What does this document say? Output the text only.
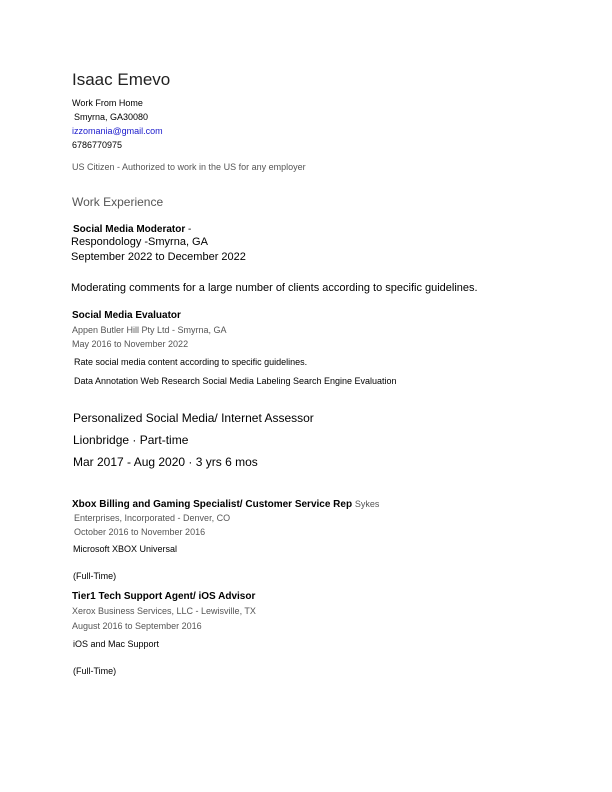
Isaac Emevo
Work From Home
Smyrna, GA30080
izzomania@gmail.com
6786770975
US Citizen - Authorized to work in the US for any employer
Work Experience
Social Media Moderator -
Respondology -Smyrna, GA
September 2022 to December 2022
Moderating comments for a large number of clients according to specific guidelines.
Social Media Evaluator
Appen Butler Hill Pty Ltd - Smyrna, GA
May 2016 to November 2022
Rate social media content according to specific guidelines.
Data Annotation Web Research Social Media Labeling Search Engine Evaluation
Personalized Social Media/ Internet Assessor
Lionbridge · Part-time
Mar 2017 - Aug 2020 · 3 yrs 6 mos
Xbox Billing and Gaming Specialist/ Customer Service Rep Sykes
Enterprises, Incorporated - Denver, CO
October 2016 to November 2016
Microsoft XBOX Universal
(Full-Time)
Tier1 Tech Support Agent/ iOS Advisor
Xerox Business Services, LLC - Lewisville, TX
August 2016 to September 2016
iOS and Mac Support
(Full-Time)
